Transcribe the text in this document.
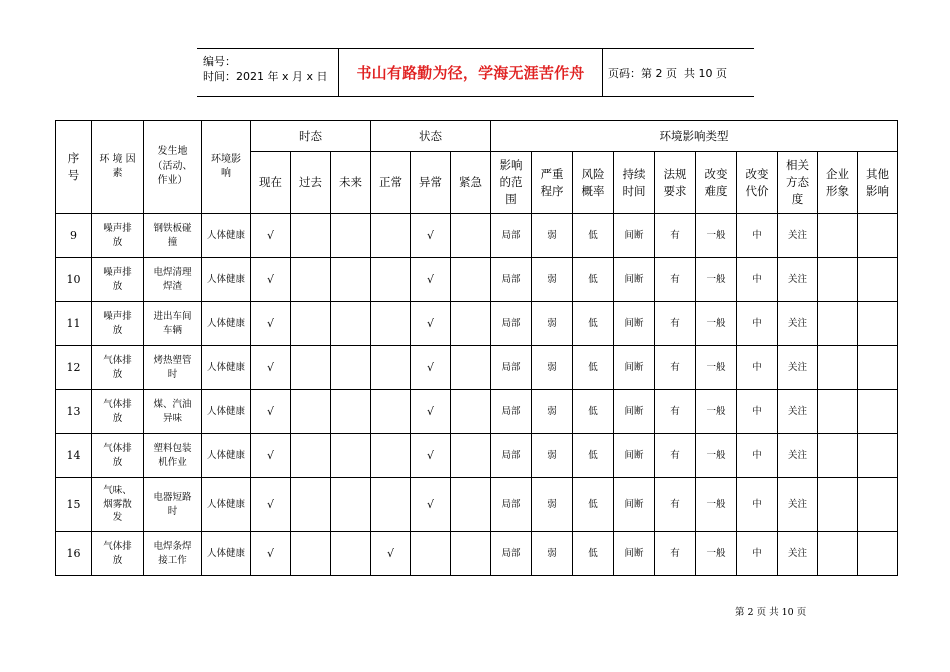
编号：
时间：2021 年 x 月 x 日	书山有路勤为径，学海无涯苦作舟	页码：第 2 页  共 10 页
序号	环 境 因 素	发生地（活动、作业）	环境影响	时态			状态			环境影响类型									
				现在	过去	未来	正常	异常	紧急	影响的范围	严重程序	风险概率	持续时间	法规要求	改变难度	改变代价	相关方态度	企业形象	其他影响
9	噪声排放	钢铁板碰撞	人体健康	√				√		局部	弱	低	间断	有	一般	中	关注		
10	噪声排放	电焊清理焊渣	人体健康	√				√		局部	弱	低	间断	有	一般	中	关注		
11	噪声排放	进出车间车辆	人体健康	√				√		局部	弱	低	间断	有	一般	中	关注		
12	气体排放	烤热塑管时	人体健康	√				√		局部	弱	低	间断	有	一般	中	关注		
13	气体排放	煤、汽油异味	人体健康	√				√		局部	弱	低	间断	有	一般	中	关注		
14	气体排放	塑料包装机作业	人体健康	√				√		局部	弱	低	间断	有	一般	中	关注		
15	气味、烟雾散发	电器短路时	人体健康	√				√		局部	弱	低	间断	有	一般	中	关注		
16	气体排放	电焊条焊接工作	人体健康	√			√			局部	弱	低	间断	有	一般	中	关注		
第 2 页 共 10 页
